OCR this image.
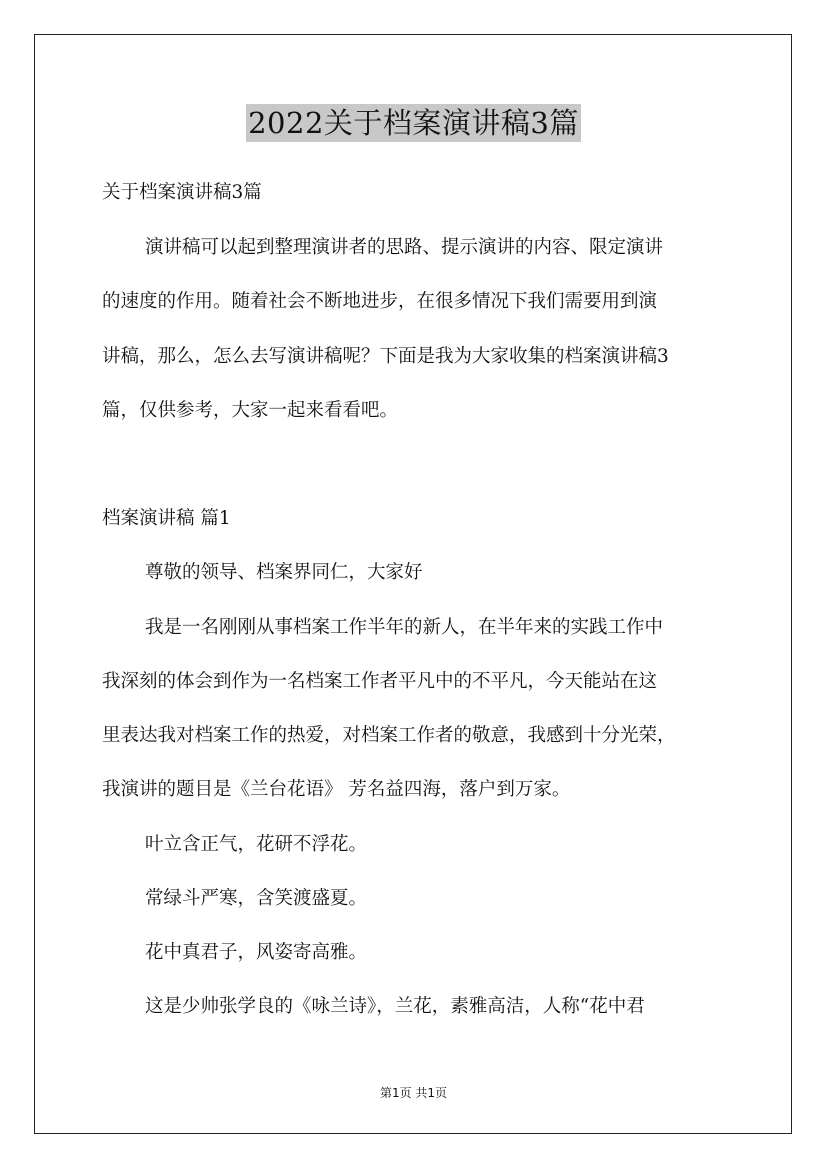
2022关于档案演讲稿3篇
关于档案演讲稿3篇
演讲稿可以起到整理演讲者的思路、提示演讲的内容、限定演讲
的速度的作用。随着社会不断地进步，在很多情况下我们需要用到演
讲稿，那么，怎么去写演讲稿呢？下面是我为大家收集的档案演讲稿3
篇，仅供参考，大家一起来看看吧。
档案演讲稿 篇1
尊敬的领导、档案界同仁，大家好
我是一名刚刚从事档案工作半年的新人，在半年来的实践工作中
我深刻的体会到作为一名档案工作者平凡中的不平凡，今天能站在这
里表达我对档案工作的热爱，对档案工作者的敬意，我感到十分光荣，
我演讲的题目是《兰台花语》 芳名益四海，落户到万家。
叶立含正气，花研不浮花。
常绿斗严寒，含笑渡盛夏。
花中真君子，风姿寄高雅。
这是少帅张学良的《咏兰诗》，兰花，素雅高洁，人称“花中君
第1页 共1页
